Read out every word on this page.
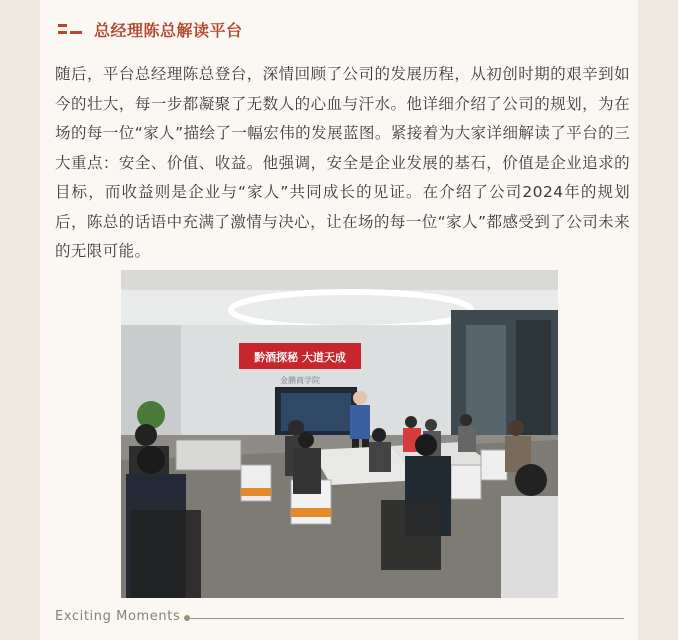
总经理陈总解读平台
随后，平台总经理陈总登台，深情回顾了公司的发展历程，从初创时期的艰辛到如今的壮大，每一步都凝聚了无数人的心血与汗水。他详细介绍了公司的规划，为在场的每一位“家人”描绘了一幅宏伟的发展蓝图。紧接着为大家详细解读了平台的三大重点：安全、价值、收益。他强调，安全是企业发展的基石，价值是企业追求的目标，而收益则是企业与“家人”共同成长的见证。在介绍了公司2024年的规划后，陈总的话语中充满了激情与决心，让在场的每一位“家人”都感受到了公司未来的无限可能。
黔酒探秘 大道天成
金鹏商学院
Exciting Moments
